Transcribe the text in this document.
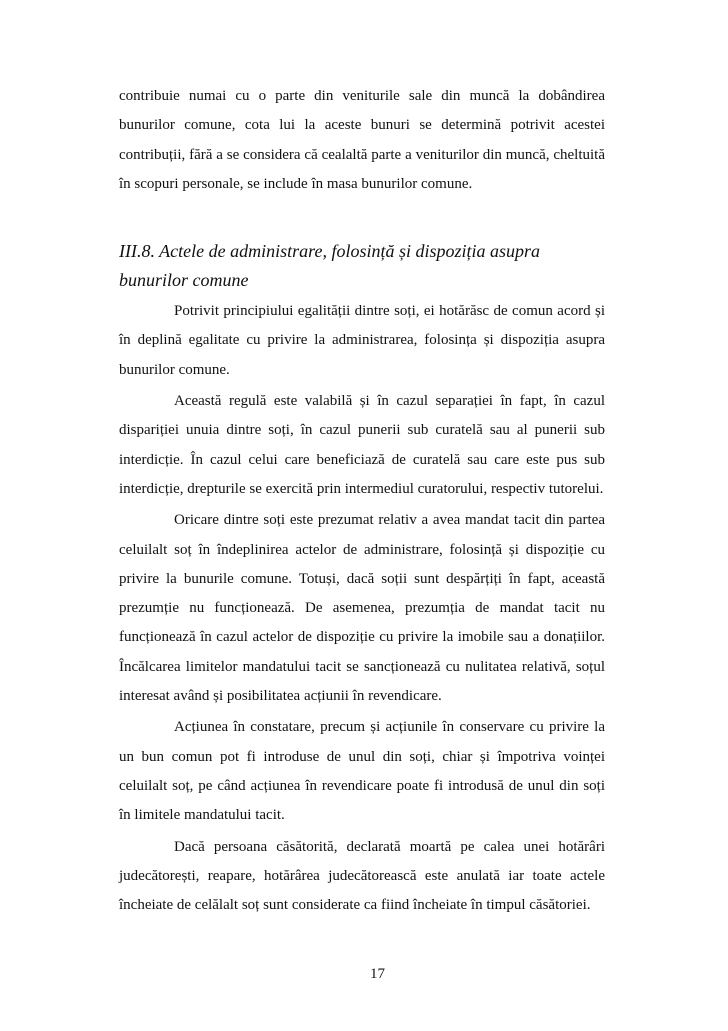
contribuie numai cu o parte din veniturile sale din muncă la dobândirea bunurilor comune, cota lui la aceste bunuri se determină potrivit acestei contribuții, fără a se considera că cealaltă parte a veniturilor din muncă, cheltuită în scopuri personale, se include în masa bunurilor comune.

III.8. Actele de administrare, folosință și dispoziția asupra bunurilor comune

Potrivit principiului egalității dintre soți, ei hotărăsc de comun acord și în deplină egalitate cu privire la administrarea, folosința și dispoziția asupra bunurilor comune.

Această regulă este valabilă și în cazul separației în fapt, în cazul dispariției unuia dintre soți, în cazul punerii sub curatelă sau al punerii sub interdicție. În cazul celui care beneficiază de curatelă sau care este pus sub interdicție, drepturile se exercită prin intermediul curatorului, respectiv tutorelui.

Oricare dintre soți este prezumat relativ a avea mandat tacit din partea celuilalt soț în îndeplinirea actelor de administrare, folosință și dispoziție cu privire la bunurile comune. Totuși, dacă soții sunt despărțiți în fapt, această prezumție nu funcționează. De asemenea, prezumția de mandat tacit nu funcționează în cazul actelor de dispoziție cu privire la imobile sau a donațiilor. Încălcarea limitelor mandatului tacit se sancționează cu nulitatea relativă, soțul interesat având și posibilitatea acțiunii în revendicare.

Acțiunea în constatare, precum și acțiunile în conservare cu privire la un bun comun pot fi introduse de unul din soți, chiar și împotriva voinței celuilalt soț, pe când acțiunea în revendicare poate fi introdusă de unul din soți în limitele mandatului tacit.

Dacă persoana căsătorită, declarată moartă pe calea unei hotărâri judecătorești, reapare, hotărârea judecătorească este anulată iar toate actele încheiate de celălalt soț sunt considerate ca fiind încheiate în timpul căsătoriei.

17
